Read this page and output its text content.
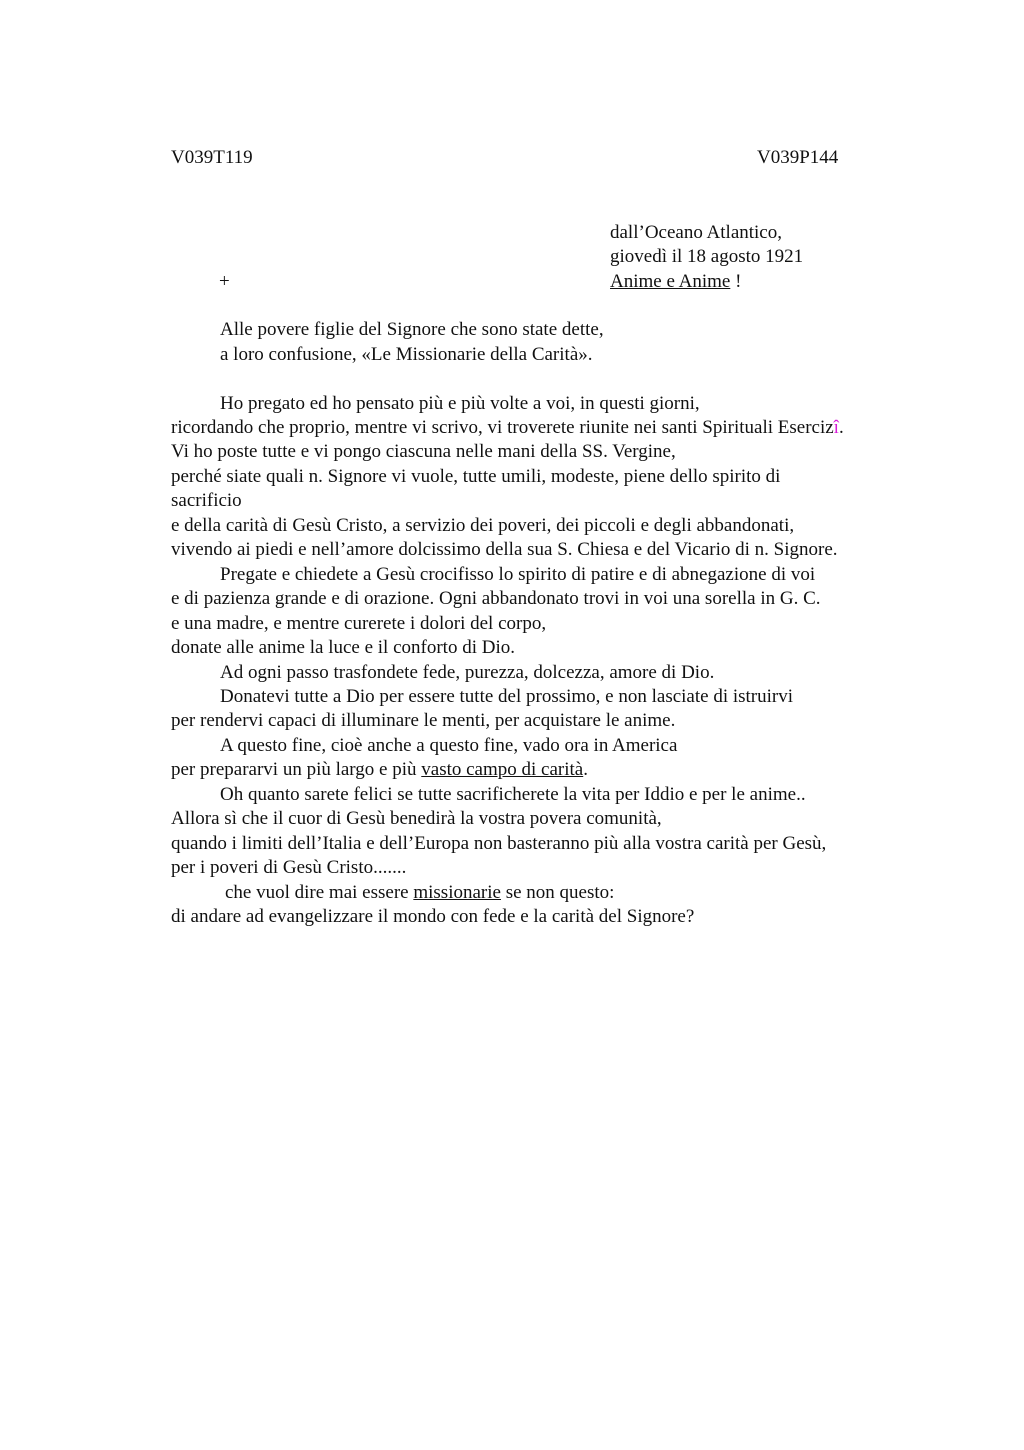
V039T119	V039P144
dall’Oceano Atlantico,
giovedì il 18 agosto 1921
+	Anime e Anime !
Alle povere figlie del Signore che sono state dette,
a loro confusione, «Le Missionarie della Carità».
Ho pregato ed ho pensato più e più volte a voi, in questi giorni,
ricordando che proprio, mentre vi scrivo, vi troverete riunite nei santi Spirituali Esercizî.
Vi ho poste tutte e vi pongo ciascuna nelle mani della SS. Vergine,
perché siate quali n. Signore vi vuole, tutte umili, modeste, piene dello spirito di
sacrificio
e della carità di Gesù Cristo, a servizio dei poveri, dei piccoli e degli abbandonati,
vivendo ai piedi e nell’amore dolcissimo della sua S. Chiesa e del Vicario di n. Signore.
Pregate e chiedete a Gesù crocifisso lo spirito di patire e di abnegazione di voi
e di pazienza grande e di orazione. Ogni abbandonato trovi in voi una sorella in G. C.
e una madre, e mentre curerete i dolori del corpo,
donate alle anime la luce e il conforto di Dio.
Ad ogni passo trasfondete fede, purezza, dolcezza, amore di Dio.
Donatevi tutte a Dio per essere tutte del prossimo, e non lasciate di istruirvi
per rendervi capaci di illuminare le menti, per acquistare le anime.
A questo fine, cioè anche a questo fine, vado ora in America
per prepararvi un più largo e più vasto campo di carità.
Oh quanto sarete felici se tutte sacrificherete la vita per Iddio e per le anime..
Allora sì che il cuor di Gesù benedirà la vostra povera comunità,
quando i limiti dell’Italia e dell’Europa non basteranno più alla vostra carità per Gesù,
per i poveri di Gesù Cristo.......
che vuol dire mai essere missionarie se non questo:
di andare ad evangelizzare il mondo con fede e la carità del Signore?
